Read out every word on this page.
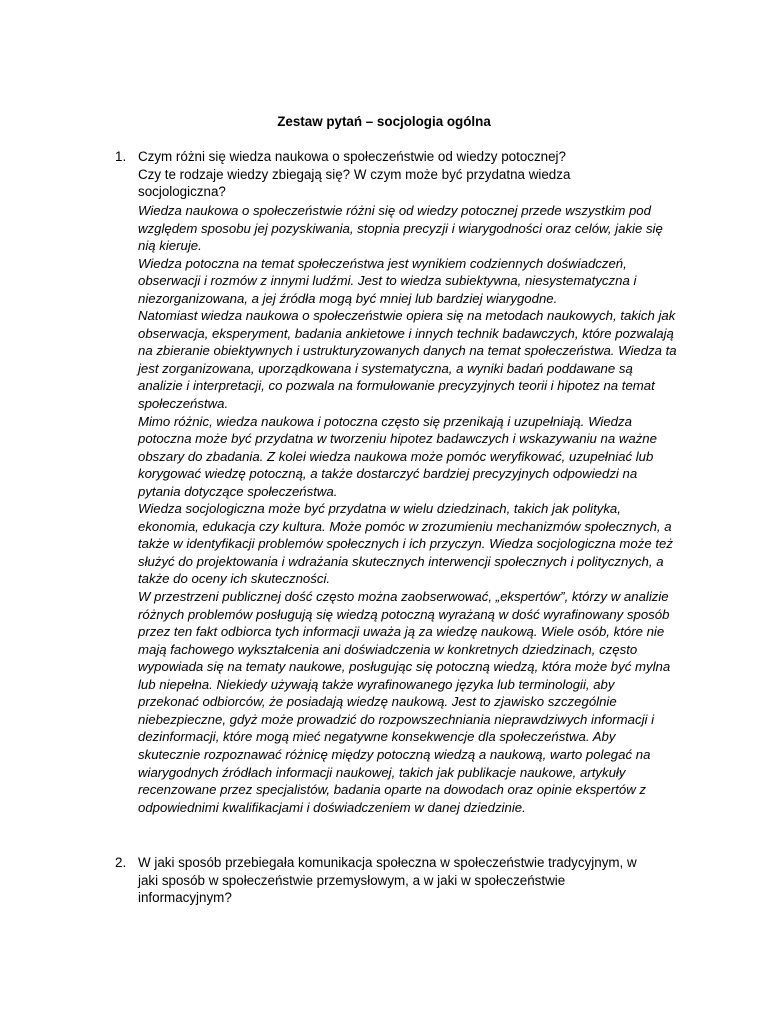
Zestaw pytań – socjologia ogólna
1. Czym różni się wiedza naukowa o społeczeństwie od wiedzy potocznej?
Czy te rodzaje wiedzy zbiegają się? W czym może być przydatna wiedza socjologiczna?

Wiedza naukowa o społeczeństwie różni się od wiedzy potocznej przede wszystkim pod względem sposobu jej pozyskiwania, stopnia precyzji i wiarygodności oraz celów, jakie się nią kieruje.

Wiedza potoczna na temat społeczeństwa jest wynikiem codziennych doświadczeń, obserwacji i rozmów z innymi ludźmi. Jest to wiedza subiektywna, niesystematyczna i niezorganizowana, a jej źródła mogą być mniej lub bardziej wiarygodne.

Natomiast wiedza naukowa o społeczeństwie opiera się na metodach naukowych, takich jak obserwacja, eksperyment, badania ankietowe i innych technik badawczych, które pozwalają na zbieranie obiektywnych i ustrukturyzowanych danych na temat społeczeństwa. Wiedza ta jest zorganizowana, uporządkowana i systematyczna, a wyniki badań poddawane są analizie i interpretacji, co pozwala na formułowanie precyzyjnych teorii i hipotez na temat społeczeństwa.

Mimo różnic, wiedza naukowa i potoczna często się przenikają i uzupełniają. Wiedza potoczna może być przydatna w tworzeniu hipotez badawczych i wskazywaniu na ważne obszary do zbadania. Z kolei wiedza naukowa może pomóc weryfikować, uzupełniać lub korygować wiedzę potoczną, a także dostarczyć bardziej precyzyjnych odpowiedzi na pytania dotyczące społeczeństwa.

Wiedza socjologiczna może być przydatna w wielu dziedzinach, takich jak polityka, ekonomia, edukacja czy kultura. Może pomóc w zrozumieniu mechanizmów społecznych, a także w identyfikacji problemów społecznych i ich przyczyn. Wiedza socjologiczna może też służyć do projektowania i wdrażania skutecznych interwencji społecznych i politycznych, a także do oceny ich skuteczności.

W przestrzeni publicznej dość często można zaobserwować, „ekspertów”, którzy w analizie różnych problemów posługują się wiedzą potoczną wyrażaną w dość wyrafinowany sposób przez ten fakt odbiorca tych informacji uważa ją za wiedzę naukową. Wiele osób, które nie mają fachowego wykształcenia ani doświadczenia w konkretnych dziedzinach, często wypowiada się na tematy naukowe, posługując się potoczną wiedzą, która może być mylna lub niepełna. Niekiedy używają także wyrafinowanego języka lub terminologii, aby przekonać odbiorców, że posiadają wiedzę naukową. Jest to zjawisko szczególnie niebezpieczne, gdyż może prowadzić do rozpowszechniania nieprawdziwych informacji i dezinformacji, które mogą mieć negatywne konsekwencje dla społeczeństwa. Aby skutecznie rozpoznawać różnicę między potoczną wiedzą a naukową, warto polegać na wiarygodnych źródłach informacji naukowej, takich jak publikacje naukowe, artykuły recenzowane przez specjalistów, badania oparte na dowodach oraz opinie ekspertów z odpowiednimi kwalifikacjami i doświadczeniem w danej dziedzinie.

2. W jaki sposób przebiegała komunikacja społeczna w społeczeństwie tradycyjnym, w jaki sposób w społeczeństwie przemysłowym, a w jaki w społeczeństwie informacyjnym?
